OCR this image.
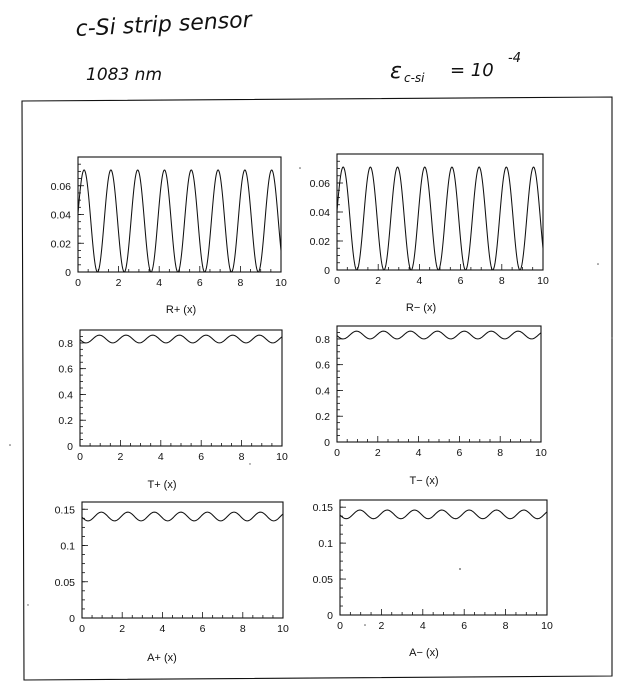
c-Si strip sensor
1083 nm	ε c-si = 10
-4
0	2	4	6	8	10
0
0.02
0.04
0.06
R+ (x)
0	2	4	6	8	10
0
0.02
0.04
0.06
R− (x)
0	2	4	6	8	10
0
0.2
0.4
0.6
0.8
T+ (x)
0	2	4	6	8	10
0
0.2
0.4
0.6
0.8
T− (x)
0	2	4	6	8	10
0
0.05
0.1
0.15
A+ (x)
0	2	4	6	8	10
0
0.05
0.1
0.15
A− (x)
